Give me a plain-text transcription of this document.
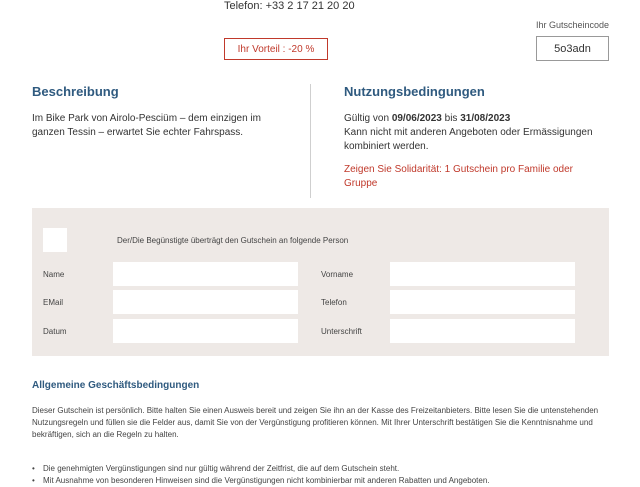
Telefon: +33 2 17 21 20 20
Ihr Vorteil : -20 %
Ihr Gutscheincode
5o3adn
Beschreibung
Im Bike Park von Airolo-Pesciüm – dem einzigen im ganzen Tessin – erwartet Sie echter Fahrspass.
Nutzungsbedingungen
Gültig von 09/06/2023 bis 31/08/2023
Kann nicht mit anderen Angeboten oder Ermässigungen kombiniert werden.
Zeigen Sie Solidarität: 1 Gutschein pro Familie oder Gruppe
Der/Die Begünstigte überträgt den Gutschein an folgende Person
Name	Vorname
EMail	Telefon
Datum	Unterschrift
Allgemeine Geschäftsbedingungen
Dieser Gutschein ist persönlich. Bitte halten Sie einen Ausweis bereit und zeigen Sie ihn an der Kasse des Freizeitanbieters. Bitte lesen Sie die untenstehenden Nutzungsregeln und füllen sie die Felder aus, damit Sie von der Vergünstigung profitieren können. Mit Ihrer Unterschrift bestätigen Sie die Kenntnisnahme und bekräftigen, sich an die Regeln zu halten.
• Die genehmigten Vergünstigungen sind nur gültig während der Zeitfrist, die auf dem Gutschein steht.
• Mit Ausnahme von besonderen Hinweisen sind die Vergünstigungen nicht kombinierbar mit anderen Rabatten und Angeboten.
